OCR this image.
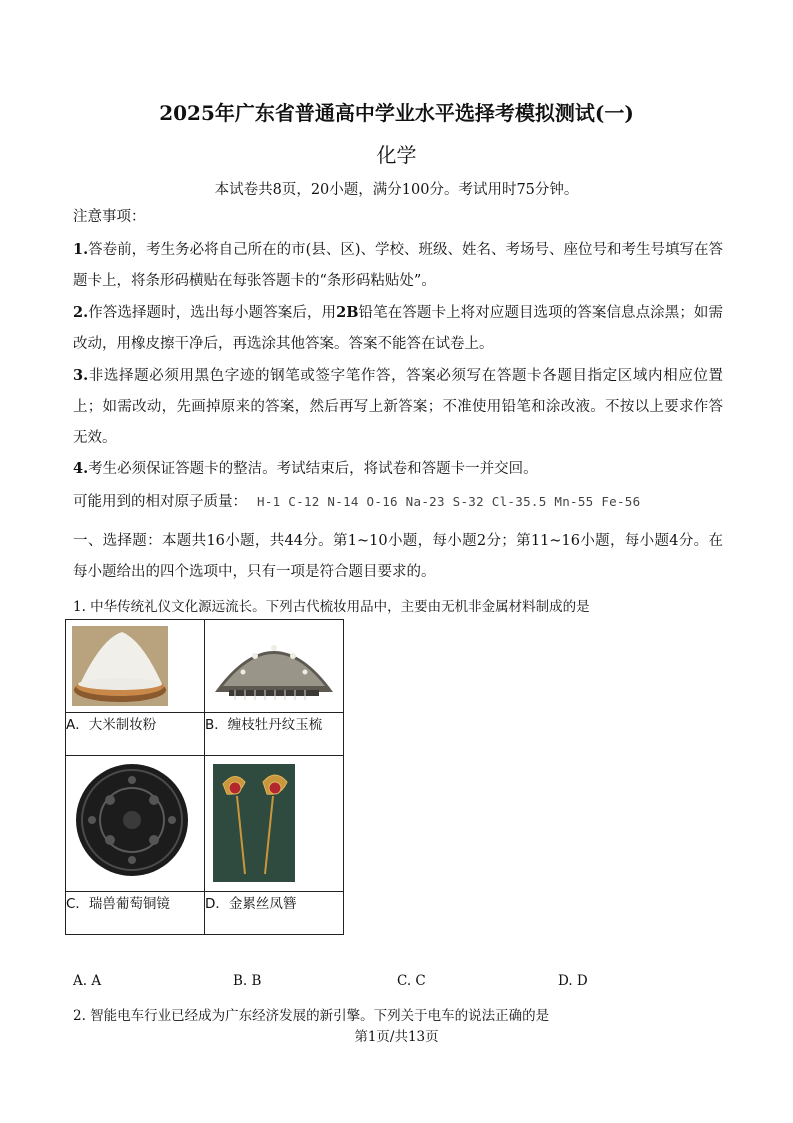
2025年广东省普通高中学业水平选择考模拟测试(一)
化学
本试卷共8页，20小题，满分100分。考试用时75分钟。
注意事项：
1.答卷前，考生务必将自己所在的市(县、区)、学校、班级、姓名、考场号、座位号和考生号填写在答题卡上，将条形码横贴在每张答题卡的“条形码粘贴处”。
2.作答选择题时，选出每小题答案后，用2B铅笔在答题卡上将对应题目选项的答案信息点涂黑；如需改动，用橡皮擦干净后，再选涂其他答案。答案不能答在试卷上。
3.非选择题必须用黑色字迹的钢笔或签字笔作答，答案必须写在答题卡各题目指定区域内相应位置上；如需改动，先画掉原来的答案，然后再写上新答案；不准使用铅笔和涂改液。不按以上要求作答无效。
4.考生必须保证答题卡的整洁。考试结束后，将试卷和答题卡一并交回。
可能用到的相对原子质量： H-1 C-12 N-14 O-16 Na-23 S-32 Cl-35.5 Mn-55 Fe-56
一、选择题：本题共16小题，共44分。第1~10小题，每小题2分；第11~16小题，每小题4分。在每小题给出的四个选项中，只有一项是符合题目要求的。
1. 中华传统礼仪文化源远流长。下列古代梳妆用品中，主要由无机非金属材料制成的是

A．大米制妆粉	B．缠枝牡丹纹玉梳

C．瑞兽葡萄铜镜	D．金累丝凤簪
A. A	B. B	C. C	D. D
2. 智能电车行业已经成为广东经济发展的新引擎。下列关于电车的说法正确的是
第1页/共13页
